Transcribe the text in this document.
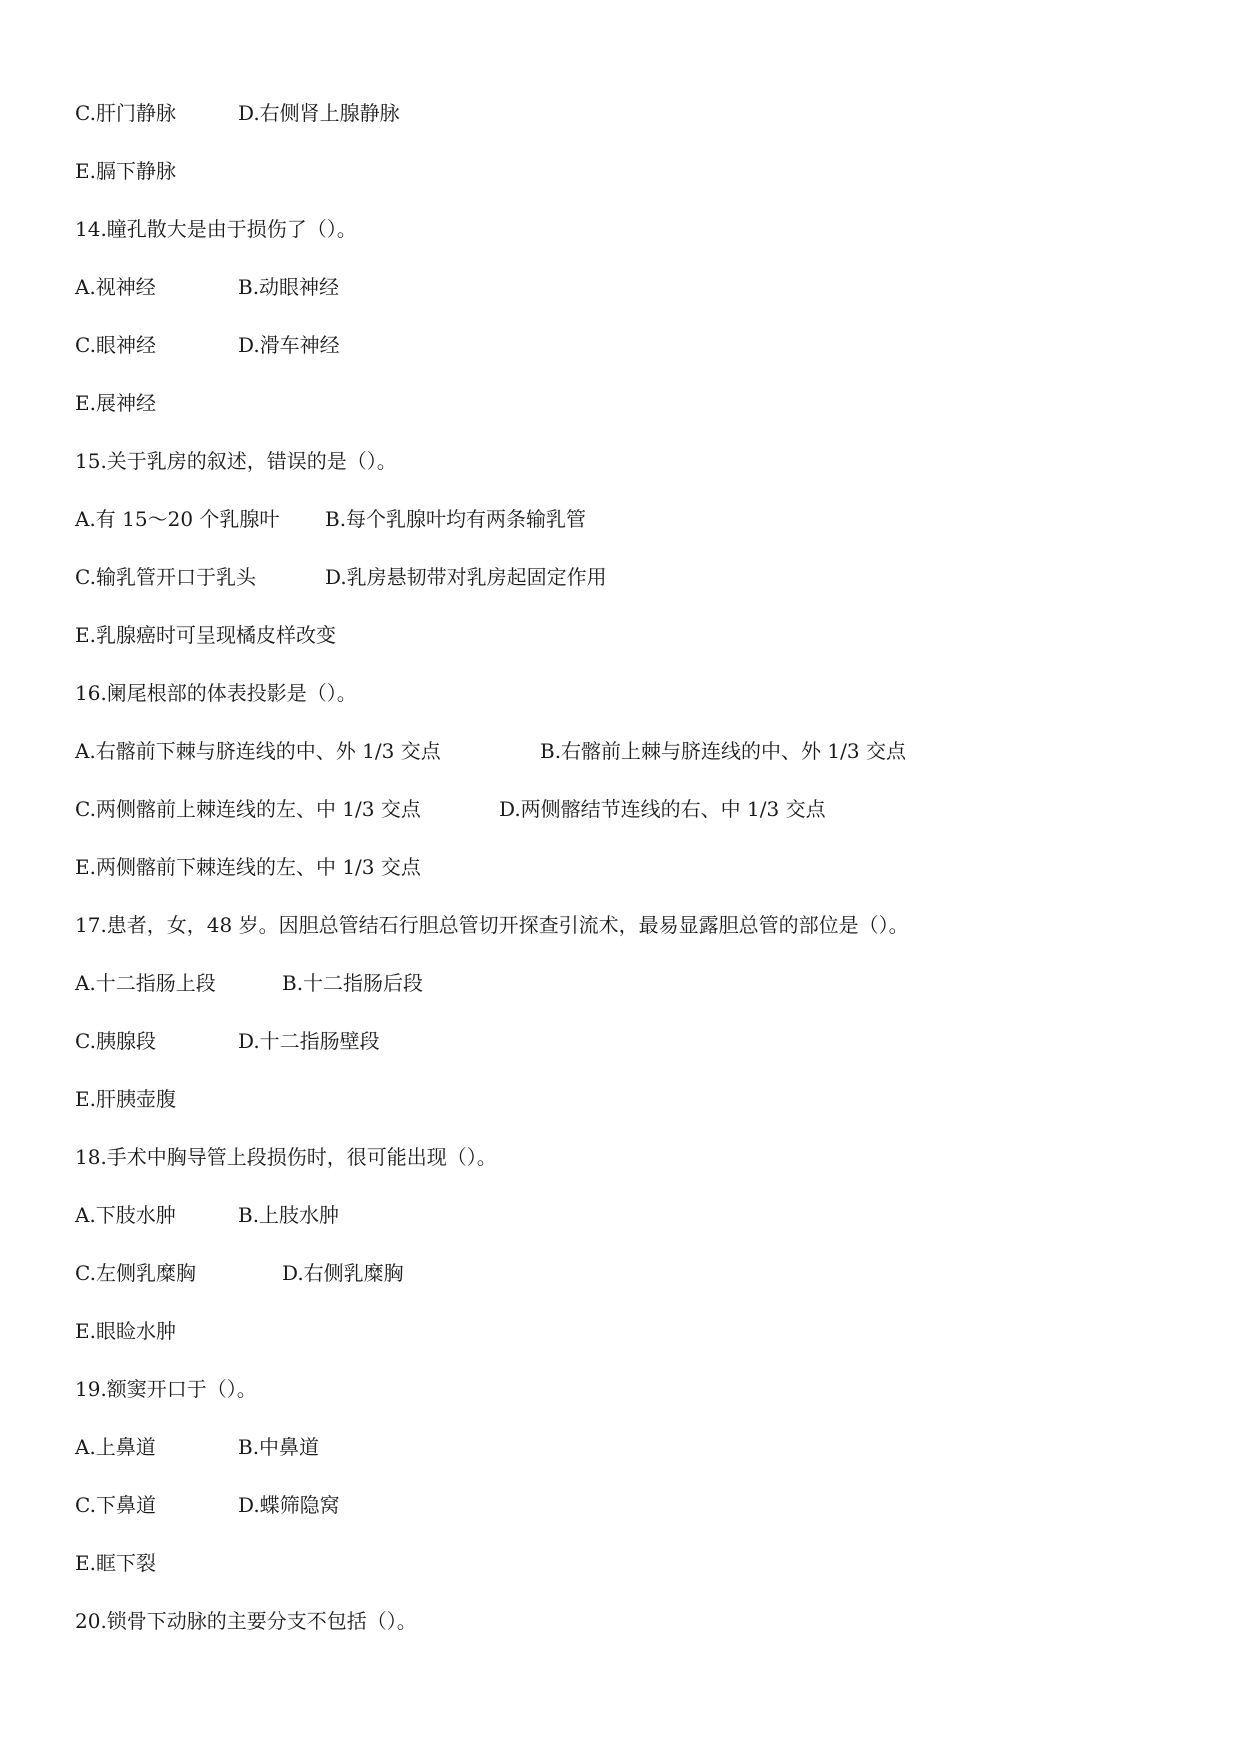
C.肝门静脉	D.右侧肾上腺静脉
E.膈下静脉
14.瞳孔散大是由于损伤了（）。
A.视神经	B.动眼神经
C.眼神经	D.滑车神经
E.展神经
15.关于乳房的叙述，错误的是（）。
A.有 15～20 个乳腺叶 B.每个乳腺叶均有两条输乳管
C.输乳管开口于乳头	D.乳房悬韧带对乳房起固定作用
E.乳腺癌时可呈现橘皮样改变
16.阑尾根部的体表投影是（）。
A.右髂前下棘与脐连线的中、外 1/3 交点	B.右髂前上棘与脐连线的中、外 1/3 交点
C.两侧髂前上棘连线的左、中 1/3 交点	D.两侧髂结节连线的右、中 1/3 交点
E.两侧髂前下棘连线的左、中 1/3 交点
17.患者，女，48 岁。因胆总管结石行胆总管切开探查引流术，最易显露胆总管的部位是（）。
A.十二指肠上段	B.十二指肠后段
C.胰腺段	D.十二指肠壁段
E.肝胰壶腹
18.手术中胸导管上段损伤时，很可能出现（）。
A.下肢水肿	B.上肢水肿
C.左侧乳糜胸	D.右侧乳糜胸
E.眼睑水肿
19.额窦开口于（）。
A.上鼻道	B.中鼻道
C.下鼻道	D.蝶筛隐窝
E.眶下裂
20.锁骨下动脉的主要分支不包括（）。
